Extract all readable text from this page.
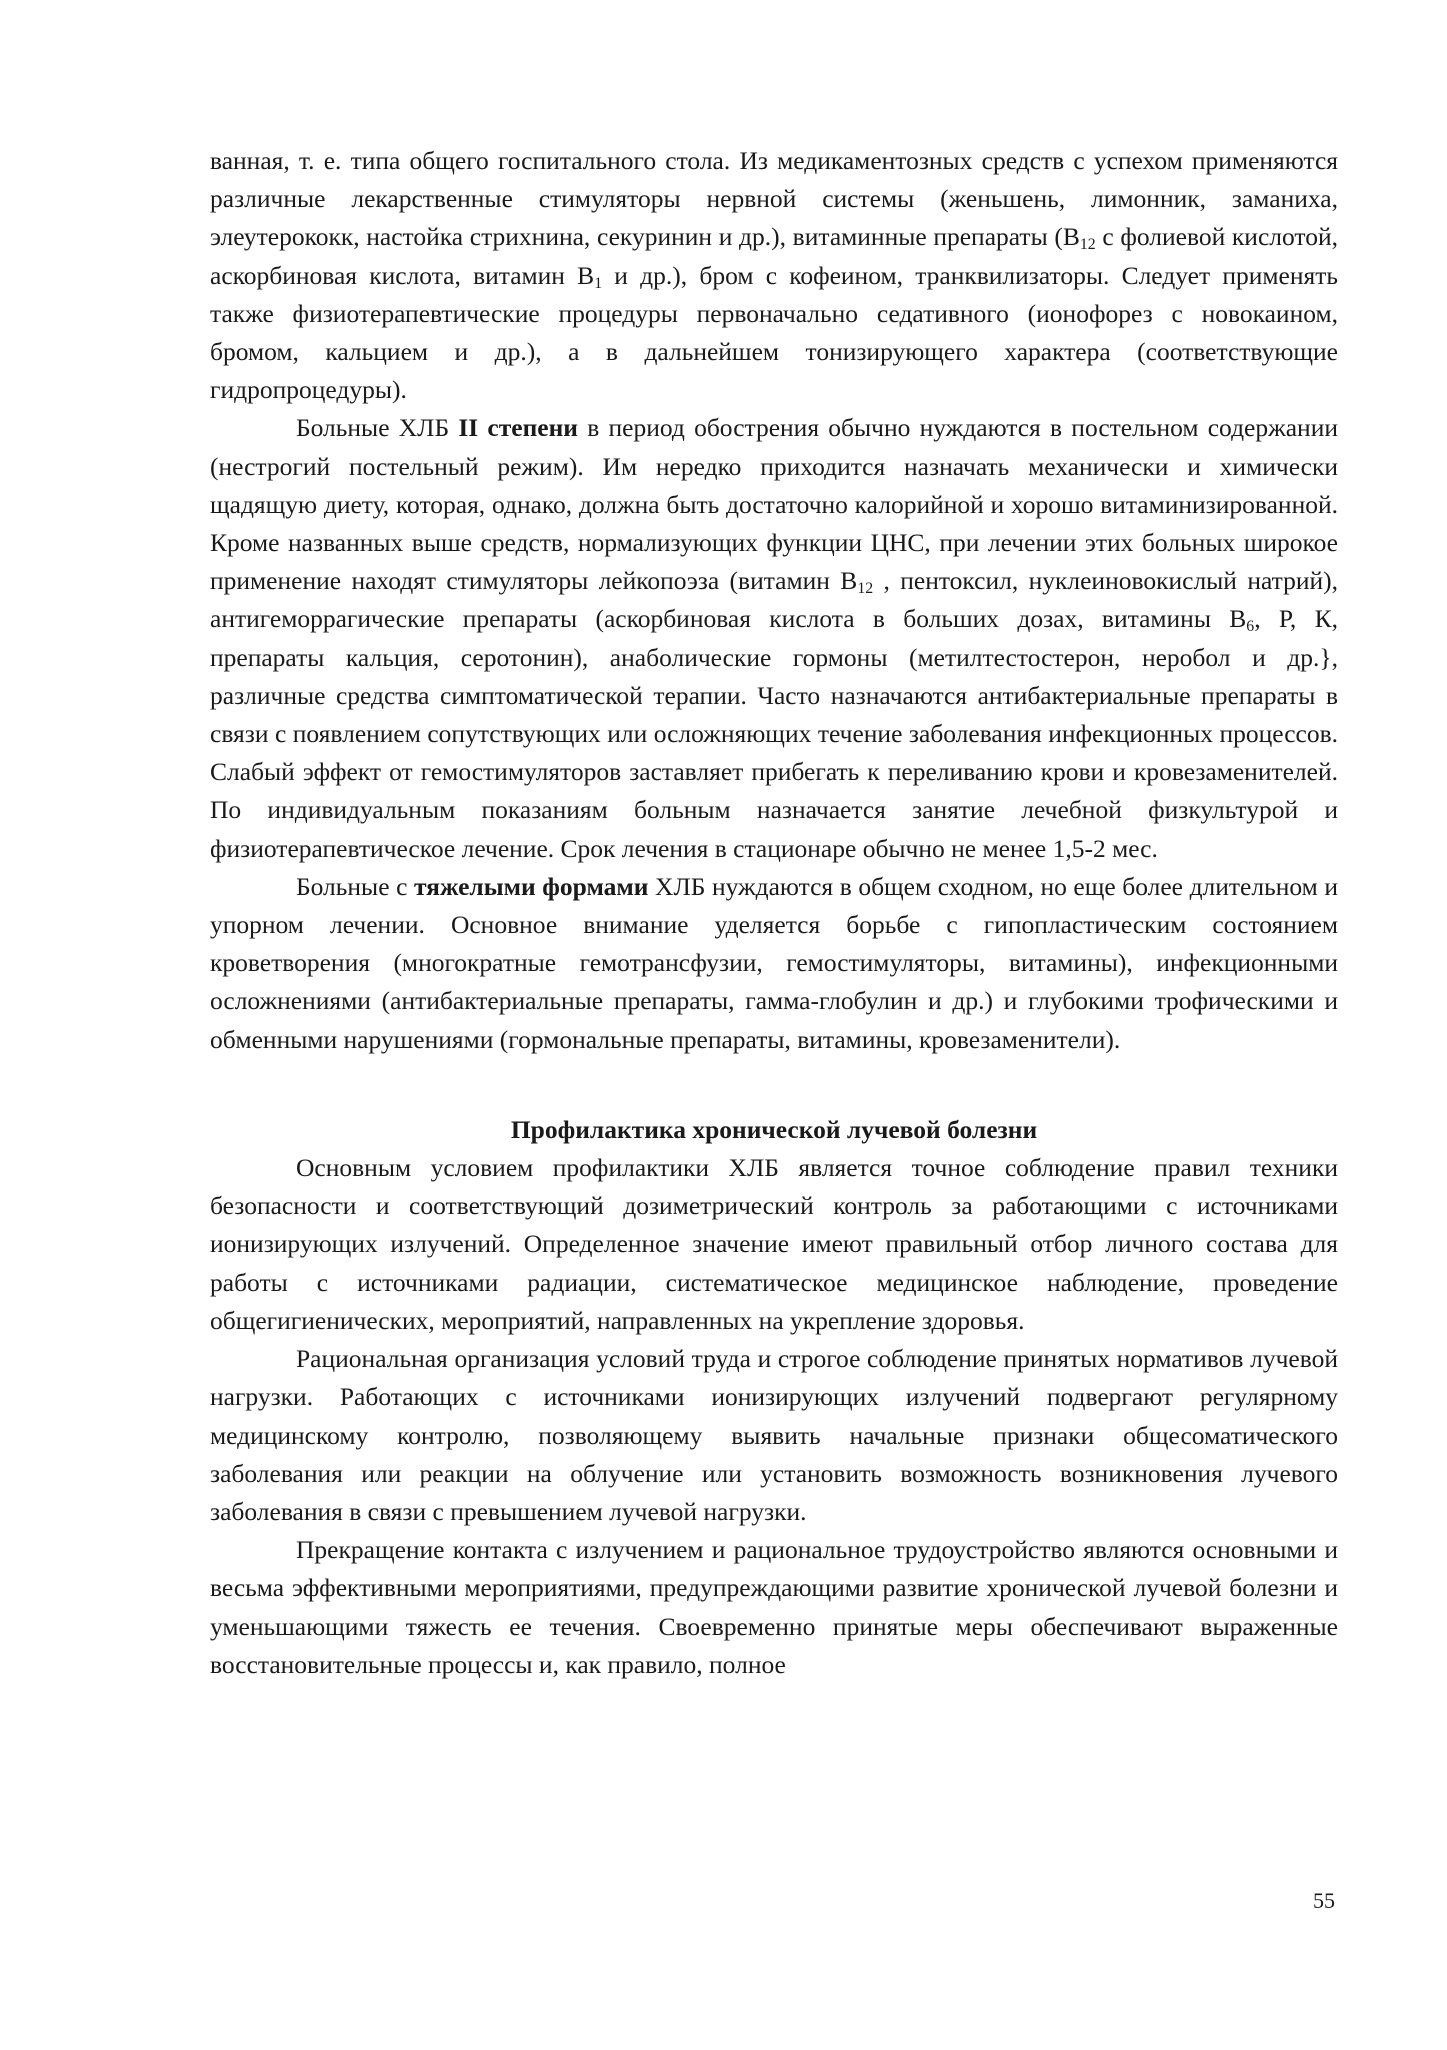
ванная, т. е. типа общего госпитального стола. Из медикаментозных средств с успехом применяются различные лекарственные стимуляторы нервной системы (женьшень, лимонник, заманиха, элеутерококк, настойка стрихнина, секуринин и др.), витаминные препараты ($В_{12}$ с фолиевой кислотой, аскорбиновая кислота, витамин $В_1$ и др.), бром с кофеином, транквилизаторы. Следует применять также физиотерапевтические процедуры первоначально седативного (ионофорез с новокаином, бромом, кальцием и др.), а в дальнейшем тонизирующего характера (соответствующие гидропроцедуры).

Больные ХЛБ II степени в период обострения обычно нуждаются в постельном содержании (нестрогий постельный режим). Им нередко приходится назначать механически и химически щадящую диету, которая, однако, должна быть достаточно калорийной и хорошо витаминизированной. Кроме названных выше средств, нормализующих функции ЦНС, при лечении этих больных широкое применение находят стимуляторы лейкопоэза (витамин $В_{12}$ , пентоксил, нуклеиновокислый натрий), антигеморрагические препараты (аскорбиновая кислота в больших дозах, витамины $В_6$, Р, К, препараты кальция, серотонин), анаболические гормоны (метилтестостерон, неробол и др.}, различные средства симптоматической терапии. Часто назначаются антибактериальные препараты в связи с появлением сопутствующих или осложняющих течение заболевания инфекционных процессов. Слабый эффект от гемостимуляторов заставляет прибегать к переливанию крови и кровезаменителей. По индивидуальным показаниям больным назначается занятие лечебной физкультурой и физиотерапевтическое лечение. Срок лечения в стационаре обычно не менее 1,5-2 мес.

Больные с тяжелыми формами ХЛБ нуждаются в общем сходном, но еще более длительном и упорном лечении. Основное внимание уделяется борьбе с гипопластическим состоянием кроветворения (многократные гемотрансфузии, гемостимуляторы, витамины), инфекционными осложнениями (антибактериальные препараты, гамма-глобулин и др.) и глубокими трофическими и обменными нарушениями (гормональные препараты, витамины, кровезаменители).

Профилактика хронической лучевой болезни

Основным условием профилактики ХЛБ является точное соблюдение правил техники безопасности и соответствующий дозиметрический контроль за работающими с источниками ионизирующих излучений. Определенное значение имеют правильный отбор личного состава для работы с источниками радиации, систематическое медицинское наблюдение, проведение общегигиенических, мероприятий, направленных на укрепление здоровья.

Рациональная организация условий труда и строгое соблюдение принятых нормативов лучевой нагрузки. Работающих с источниками ионизирующих излучений подвергают регулярному медицинскому контролю, позволяющему выявить начальные признаки общесоматического заболевания или реакции на облучение или установить возможность возникновения лучевого заболевания в связи с превышением лучевой нагрузки.

Прекращение контакта с излучением и рациональное трудоустройство являются основными и весьма эффективными мероприятиями, предупреждающими развитие хронической лучевой болезни и уменьшающими тяжесть ее течения. Своевременно принятые меры обеспечивают выраженные восстановительные процессы и, как правило, полное

55
